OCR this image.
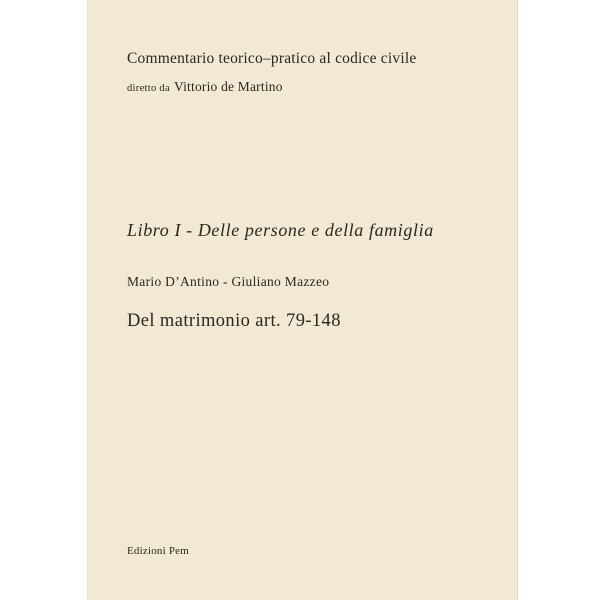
Commentario teorico–pratico al codice civile
diretto da Vittorio de Martino
Libro I - Delle persone e della famiglia
Mario D’Antino - Giuliano Mazzeo
Del matrimonio art. 79-148
Edizioni Pem
